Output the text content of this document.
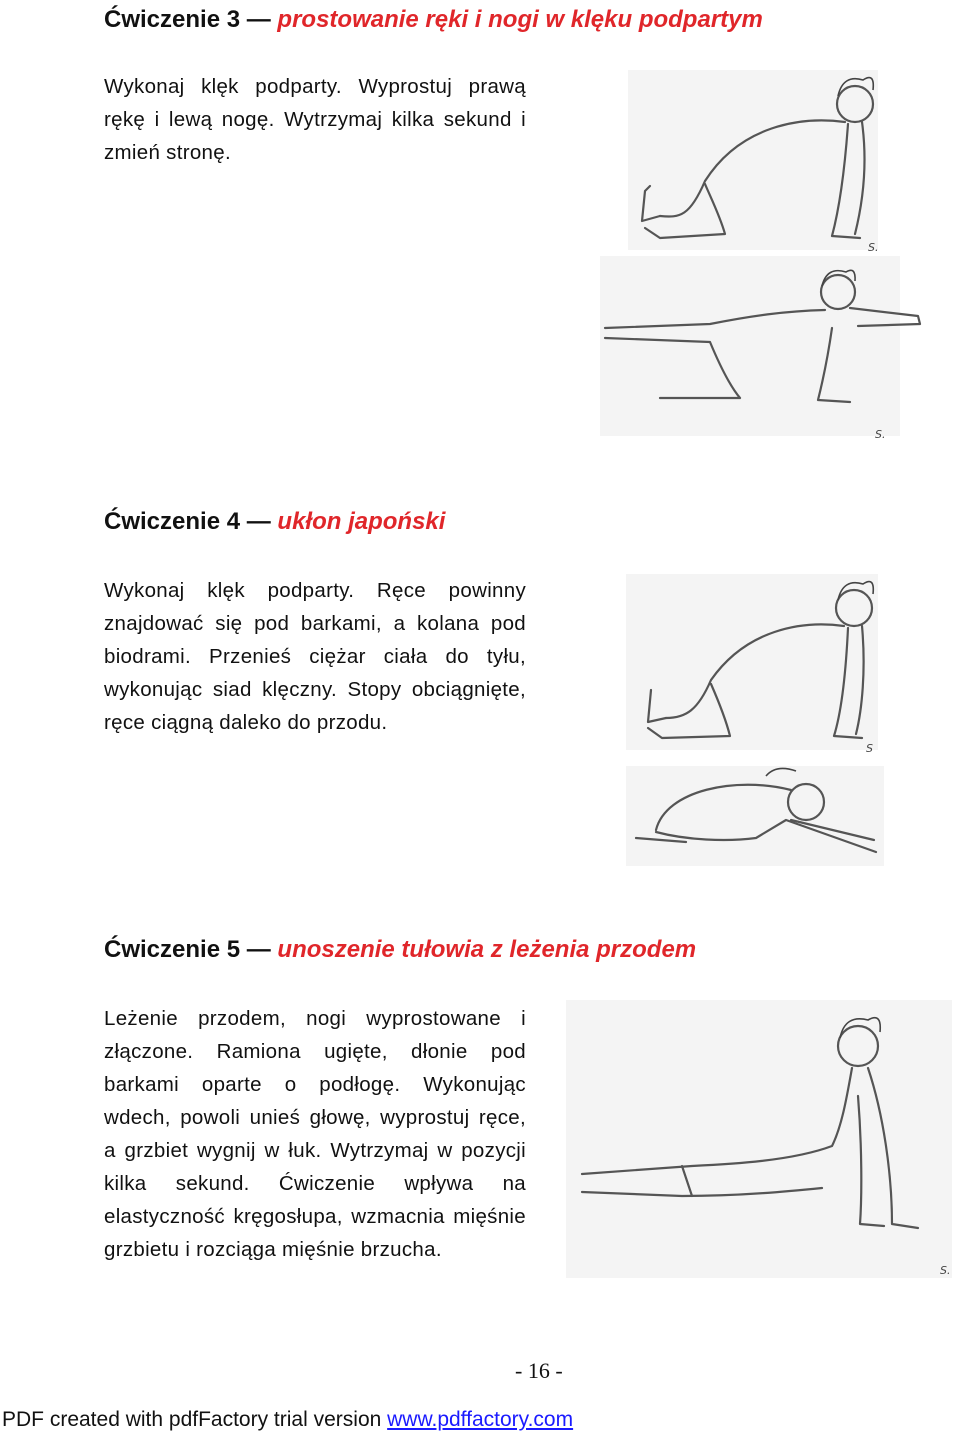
Ćwiczenie 3 — prostowanie ręki i nogi w klęku podpartym

Wykonaj klęk podparty. Wyprostuj prawą rękę i lewą nogę. Wytrzymaj kilka sekund i zmień stronę.

S.
S.
Ćwiczenie 4 — ukłon japoński

Wykonaj klęk podparty. Ręce powinny znajdować się pod barkami, a kolana pod biodrami. Przenieś ciężar ciała do tyłu, wykonując siad klęczny. Stopy obciągnięte, ręce ciągną daleko do przodu.

S
Ćwiczenie 5 — unoszenie tułowia z leżenia przodem

Leżenie przodem, nogi wyprostowane i złączone. Ramiona ugięte, dłonie pod barkami oparte o podłogę. Wykonując wdech, powoli unieś głowę, wyprostuj ręce, a grzbiet wygnij w łuk. Wytrzymaj w pozycji kilka sekund. Ćwiczenie wpływa na elastyczność kręgosłupa, wzmacnia mięśnie grzbietu i rozciąga mięśnie brzucha.

S.
- 16 -
PDF created with pdfFactory trial version www.pdffactory.com
